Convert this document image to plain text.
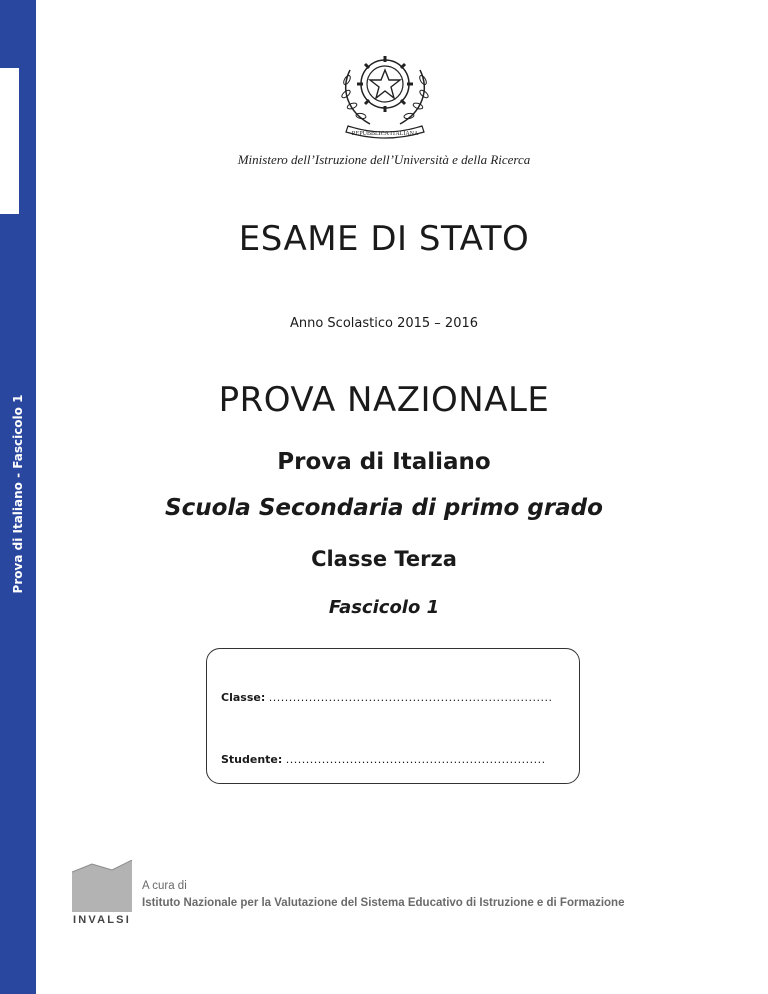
Prova di Italiano - Fascicolo 1
REPUBBLICA ITALIANA
Ministero dell’Istruzione dell’Università e della Ricerca
ESAME DI STATO
Anno Scolastico 2015 – 2016
PROVA NAZIONALE
Prova di Italiano
Scuola Secondaria di primo grado
Classe Terza
Fascicolo 1
Classe: .......................................................................
Studente: .................................................................
INVALSI
A cura di
Istituto Nazionale per la Valutazione del Sistema Educativo di Istruzione e di Formazione
